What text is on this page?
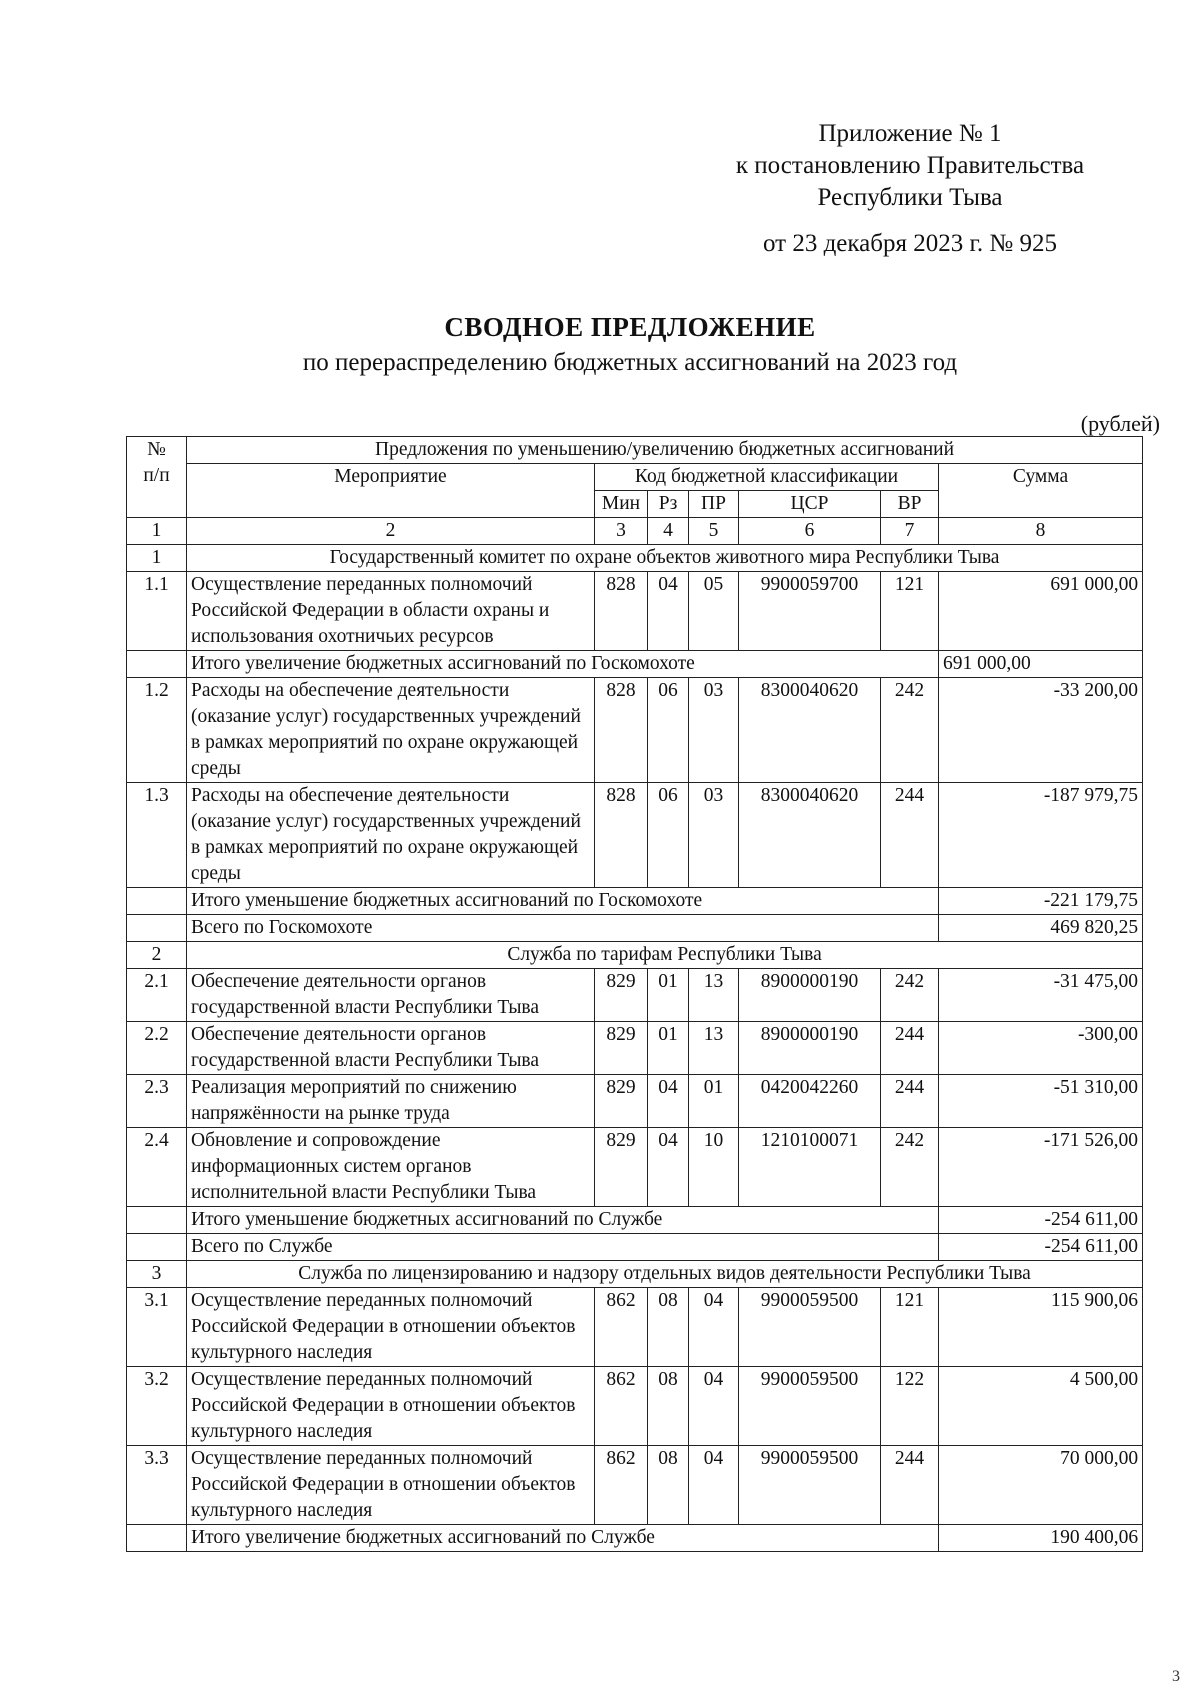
Приложение № 1
к постановлению Правительства
Республики Тыва
от 23 декабря 2023 г. № 925
СВОДНОЕ ПРЕДЛОЖЕНИЕ
по перераспределению бюджетных ассигнований на 2023 год
(рублей)
№
п/п	Предложения по уменьшению/увеличению бюджетных ассигнований						
	Мероприятие	Код бюджетной классификации					Сумма
		Мин	Рз	ПР	ЦСР	ВР	
1	2	3	4	5	6	7	8
1	Государственный комитет по охране объектов животного мира Республики Тыва						
1.1	Осуществление переданных полномочий Российской Федерации в области охраны и использования охотничьих ресурсов	828	04	05	9900059700	121	691 000,00
	Итого увеличение бюджетных ассигнований по Госкомохоте						691 000,00
1.2	Расходы на обеспечение деятельности (оказание услуг) государственных учреждений в рамках мероприятий по охране окружающей среды	828	06	03	8300040620	242	-33 200,00
1.3	Расходы на обеспечение деятельности (оказание услуг) государственных учреждений в рамках мероприятий по охране окружающей среды	828	06	03	8300040620	244	-187 979,75
	Итого уменьшение бюджетных ассигнований по Госкомохоте						-221 179,75
	Всего по Госкомохоте						469 820,25
2	Служба по тарифам Республики Тыва						
2.1	Обеспечение деятельности органов государственной власти Республики Тыва	829	01	13	8900000190	242	-31 475,00
2.2	Обеспечение деятельности органов государственной власти Республики Тыва	829	01	13	8900000190	244	-300,00
2.3	Реализация мероприятий по снижению напряжённости на рынке труда	829	04	01	0420042260	244	-51 310,00
2.4	Обновление и сопровождение информационных систем органов исполнительной власти Республики Тыва	829	04	10	1210100071	242	-171 526,00
	Итого уменьшение бюджетных ассигнований по Службе						-254 611,00
	Всего по Службе						-254 611,00
3	Служба по лицензированию и надзору отдельных видов деятельности Республики Тыва						
3.1	Осуществление переданных полномочий Российской Федерации в отношении объектов культурного наследия	862	08	04	9900059500	121	115 900,06
3.2	Осуществление переданных полномочий Российской Федерации в отношении объектов культурного наследия	862	08	04	9900059500	122	4 500,00
3.3	Осуществление переданных полномочий Российской Федерации в отношении объектов культурного наследия	862	08	04	9900059500	244	70 000,00
	Итого увеличение бюджетных ассигнований по Службе						190 400,06
3
